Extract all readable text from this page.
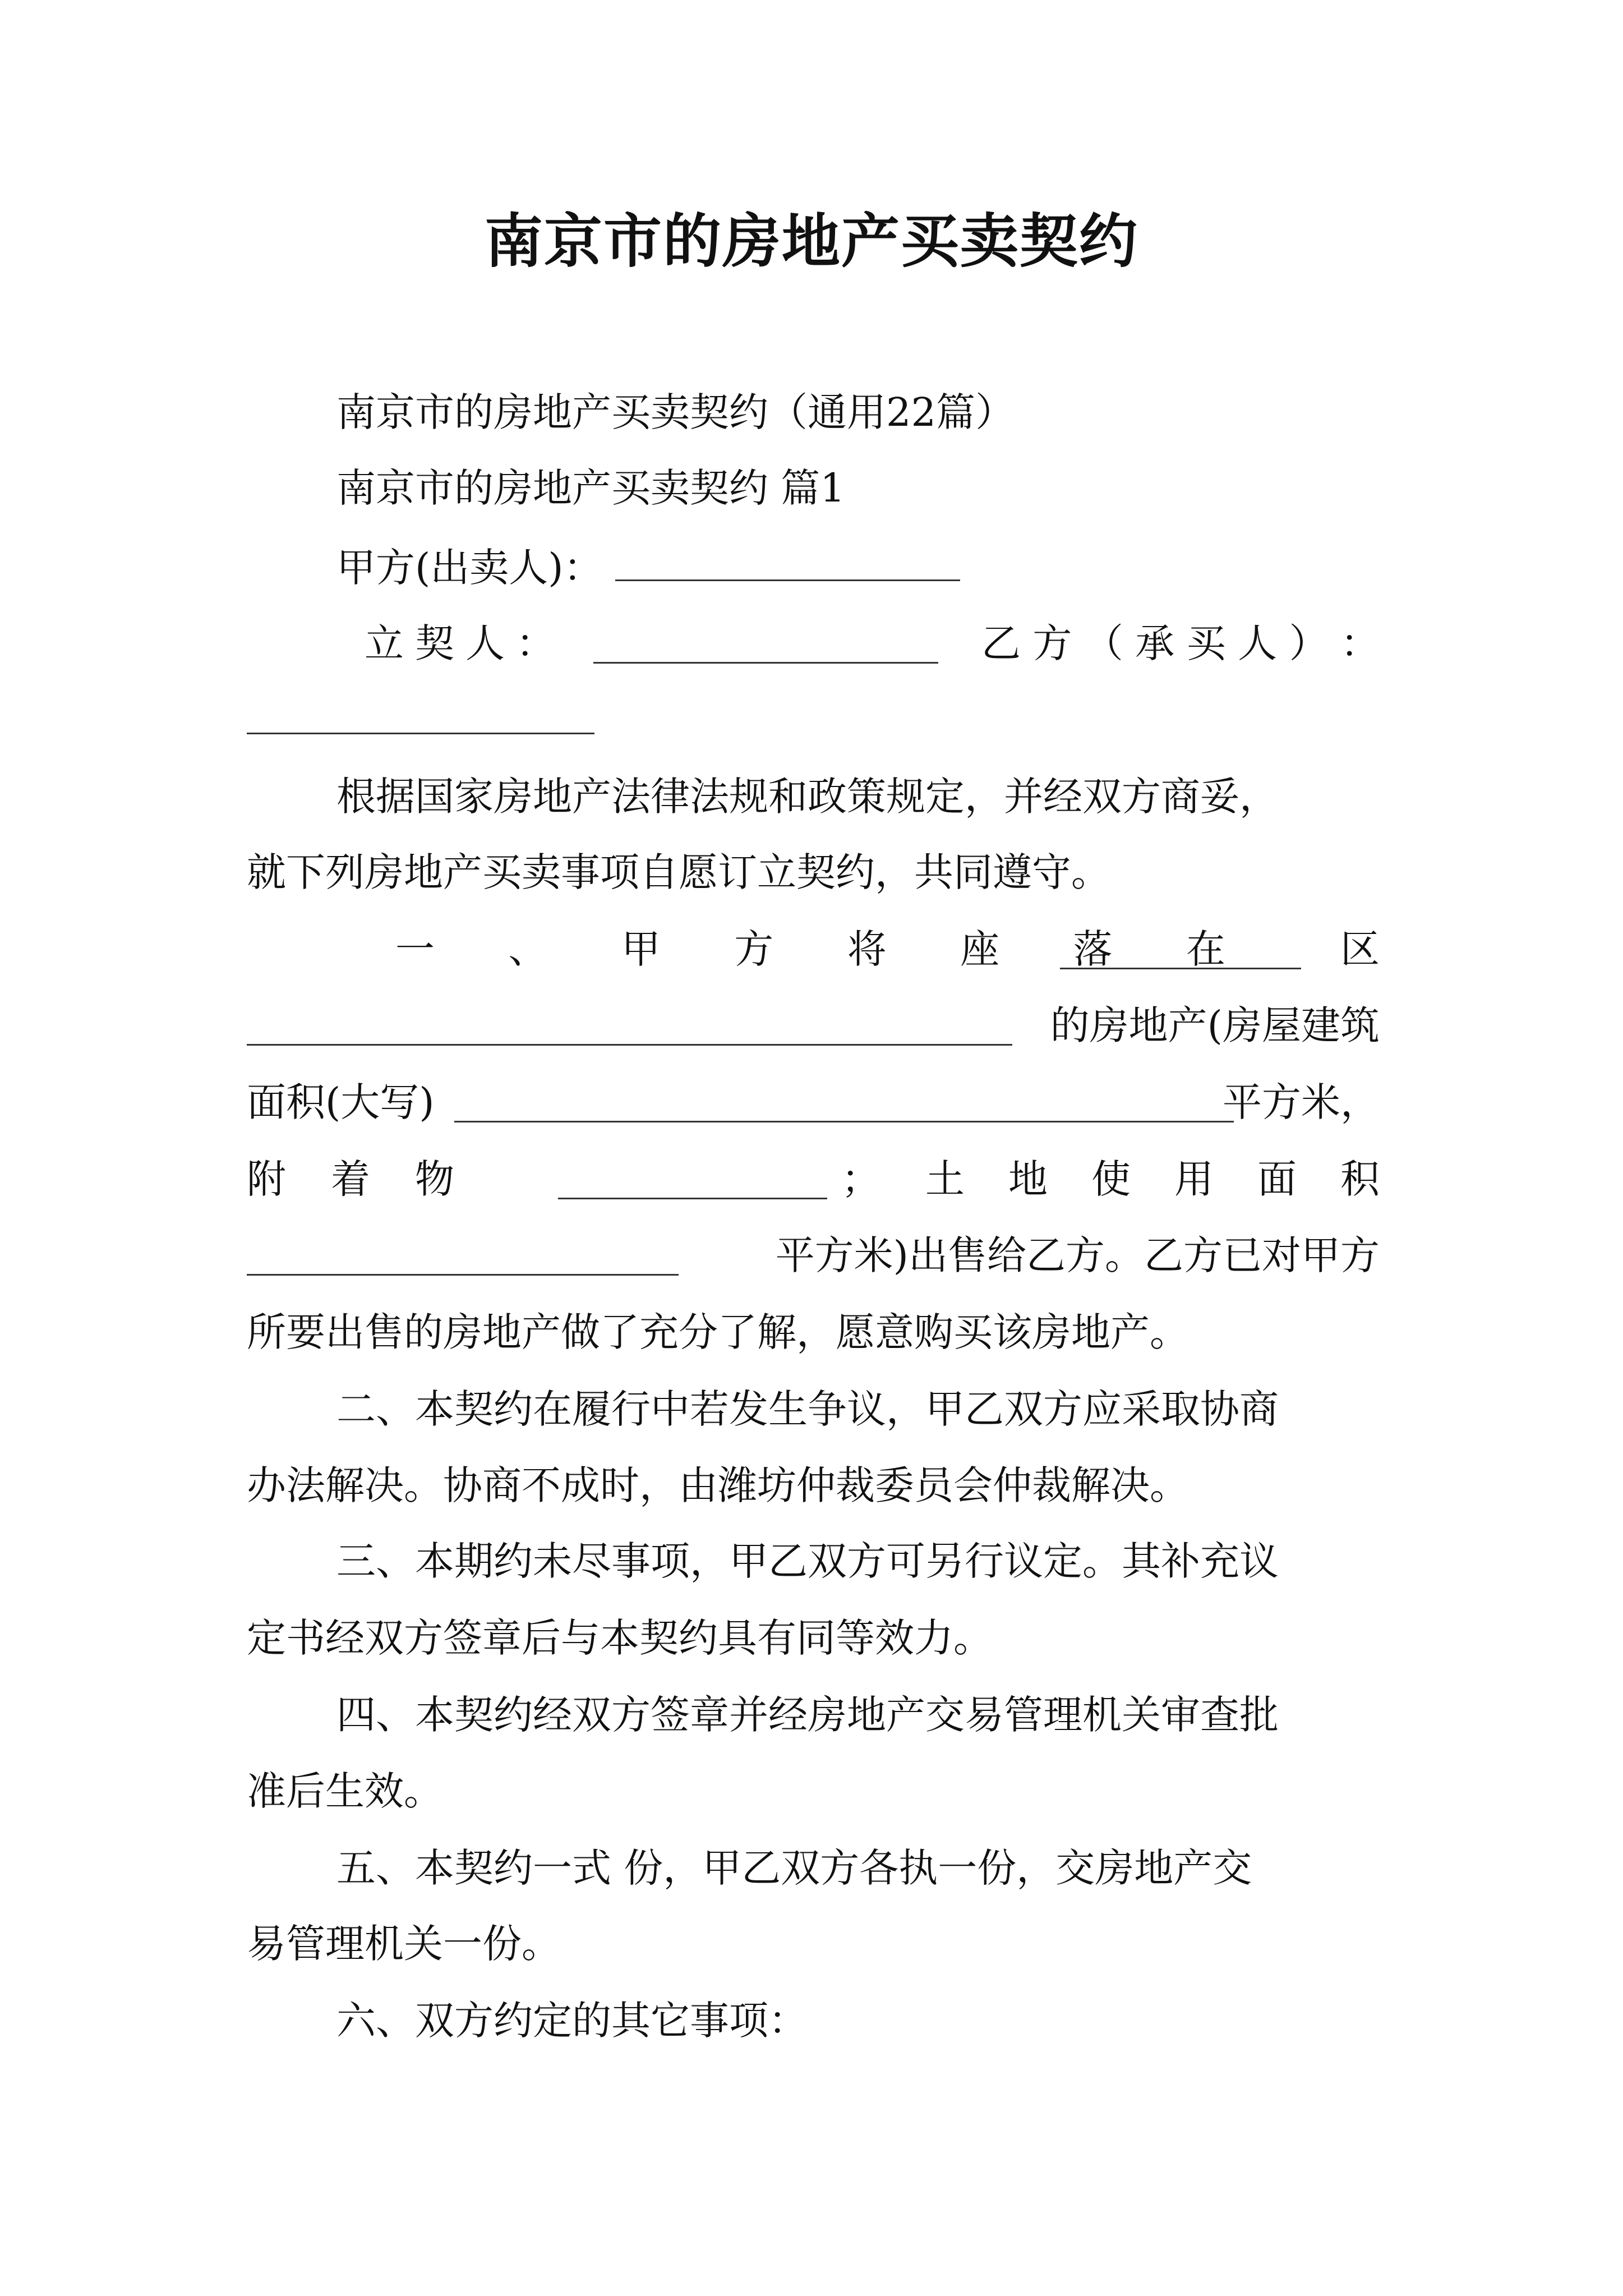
南京市的房地产买卖契约
南京市的房地产买卖契约（通用22篇）
南京市的房地产买卖契约 篇1
甲方(出卖人)：
立 契 人 ：	乙 方 （ 承 买 人 ） ：
根据国家房地产法律法规和政策规定，并经双方商妥，
就下列房地产买卖事项自愿订立契约，共同遵守。
一 、 甲 方 将 座 落 在	区
的房地产(房屋建筑
面积(大写)	平方米，
附 着 物	； 土 地 使 用 面 积
平方米)出售给乙方。乙方已对甲方
所要出售的房地产做了充分了解，愿意购买该房地产。
二、本契约在履行中若发生争议，甲乙双方应采取协商
办法解决。协商不成时，由潍坊仲裁委员会仲裁解决。
三、本期约未尽事项，甲乙双方可另行议定。其补充议
定书经双方签章后与本契约具有同等效力。
四、本契约经双方签章并经房地产交易管理机关审查批
准后生效。
五、本契约一式 份，甲乙双方各执一份，交房地产交
易管理机关一份。
六、双方约定的其它事项：
